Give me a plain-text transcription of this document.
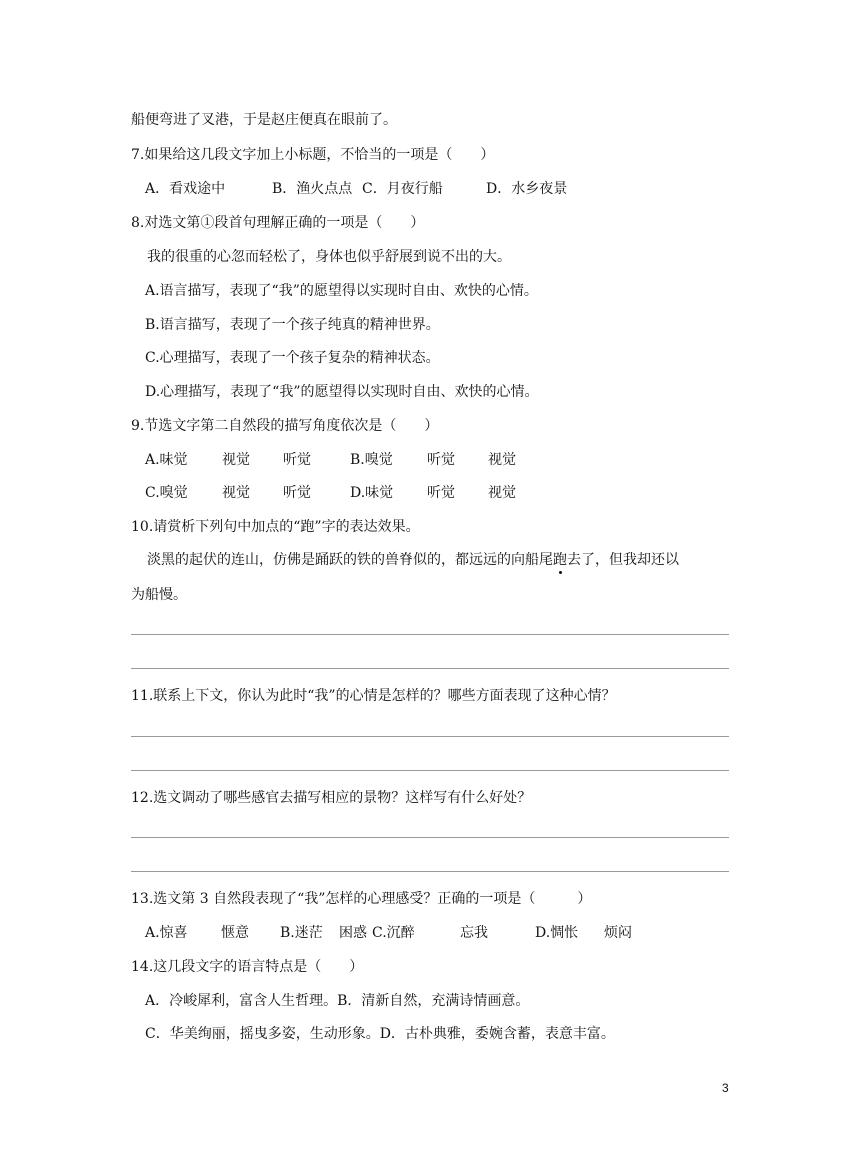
船便弯进了叉港，于是赵庄便真在眼前了。
7.如果给这几段文字加上小标题，不恰当的一项是（　　）
A．看戏途中	B．渔火点点 C．月夜行船	D．水乡夜景
8.对选文第①段首句理解正确的一项是（　　）
我的很重的心忽而轻松了，身体也似乎舒展到说不出的大。
A.语言描写，表现了“我”的愿望得以实现时自由、欢快的心情。
B.语言描写，表现了一个孩子纯真的精神世界。
C.心理描写，表现了一个孩子复杂的精神状态。
D.心理描写，表现了“我”的愿望得以实现时自由、欢快的心情。
9.节选文字第二自然段的描写角度依次是（　　）
A.味觉	视觉	听觉	B.嗅觉	听觉	视觉
C.嗅觉	视觉	听觉	D.味觉	听觉	视觉
10.请赏析下列句中加点的“跑”字的表达效果。
淡黑的起伏的连山，仿佛是踊跃的铁的兽脊似的，都远远的向船尾跑去了，但我却还以
为船慢。
11.联系上下文，你认为此时“我”的心情是怎样的？哪些方面表现了这种心情？
12.选文调动了哪些感官去描写相应的景物？这样写有什么好处？
13.选文第 3 自然段表现了“我”怎样的心理感受？正确的一项是（　　　）
A.惊喜	惬意	B.迷茫	困惑 C.沉醉	忘我	D.惆怅	烦闷
14.这几段文字的语言特点是（　　）
A．冷峻犀利，富含人生哲理。B．清新自然，充满诗情画意。
C．华美绚丽，摇曳多姿，生动形象。D．古朴典雅，委婉含蓄，表意丰富。
3
